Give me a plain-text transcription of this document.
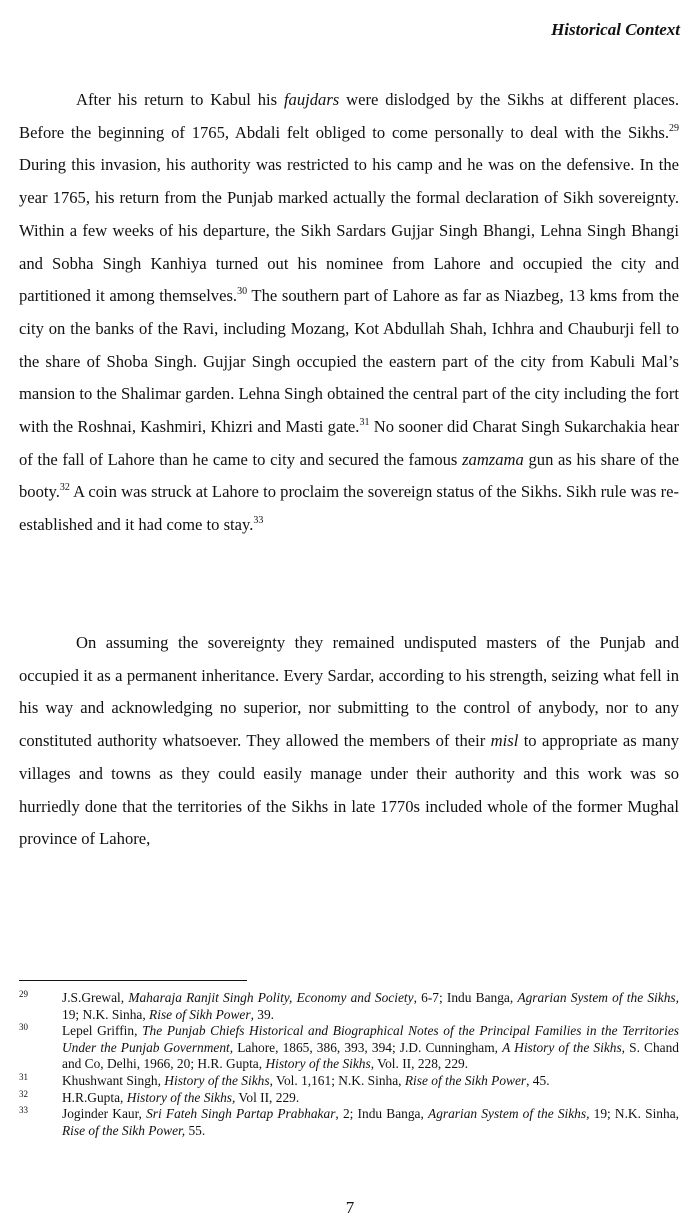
Historical Context

After his return to Kabul his faujdars were dislodged by the Sikhs at different places. Before the beginning of 1765, Abdali felt obliged to come personally to deal with the Sikhs.$^{29}$ During this invasion, his authority was restricted to his camp and he was on the defensive. In the year 1765, his return from the Punjab marked actually the formal declaration of Sikh sovereignty. Within a few weeks of his departure, the Sikh Sardars Gujjar Singh Bhangi, Lehna Singh Bhangi and Sobha Singh Kanhiya turned out his nominee from Lahore and occupied the city and partitioned it among themselves.$^{30}$ The southern part of Lahore as far as Niazbeg, 13 kms from the city on the banks of the Ravi, including Mozang, Kot Abdullah Shah, Ichhra and Chauburji fell to the share of Shoba Singh. Gujjar Singh occupied the eastern part of the city from Kabuli Mal’s mansion to the Shalimar garden. Lehna Singh obtained the central part of the city including the fort with the Roshnai, Kashmiri, Khizri and Masti gate.$^{31}$ No sooner did Charat Singh Sukarchakia hear of the fall of Lahore than he came to city and secured the famous zamzama gun as his share of the booty.$^{32}$ A coin was struck at Lahore to proclaim the sovereign status of the Sikhs. Sikh rule was re-established and it had come to stay.$^{33}$

On assuming the sovereignty they remained undisputed masters of the Punjab and occupied it as a permanent inheritance. Every Sardar, according to his strength, seizing what fell in his way and acknowledging no superior, nor submitting to the control of anybody, nor to any constituted authority whatsoever. They allowed the members of their misl to appropriate as many villages and towns as they could easily manage under their authority and this work was so hurriedly done that the territories of the Sikhs in late 1770s included whole of the former Mughal province of Lahore,

29	J.S.Grewal, Maharaja Ranjit Singh Polity, Economy and Society, 6-7; Indu Banga, Agrarian System of the Sikhs, 19; N.K. Sinha, Rise of Sikh Power, 39.

30	Lepel Griffin, The Punjab Chiefs Historical and Biographical Notes of the Principal Families in the Territories Under the Punjab Government, Lahore, 1865, 386, 393, 394; J.D. Cunningham, A History of the Sikhs, S. Chand and Co, Delhi, 1966, 20; H.R. Gupta, History of the Sikhs, Vol. II, 228, 229.

31	Khushwant Singh, History of the Sikhs, Vol. 1,161; N.K. Sinha, Rise of the Sikh Power, 45.

32	H.R.Gupta, History of the Sikhs, Vol II, 229.

33	Joginder Kaur, Sri Fateh Singh Partap Prabhakar, 2; Indu Banga, Agrarian System of the Sikhs, 19; N.K. Sinha, Rise of the Sikh Power, 55.

7
